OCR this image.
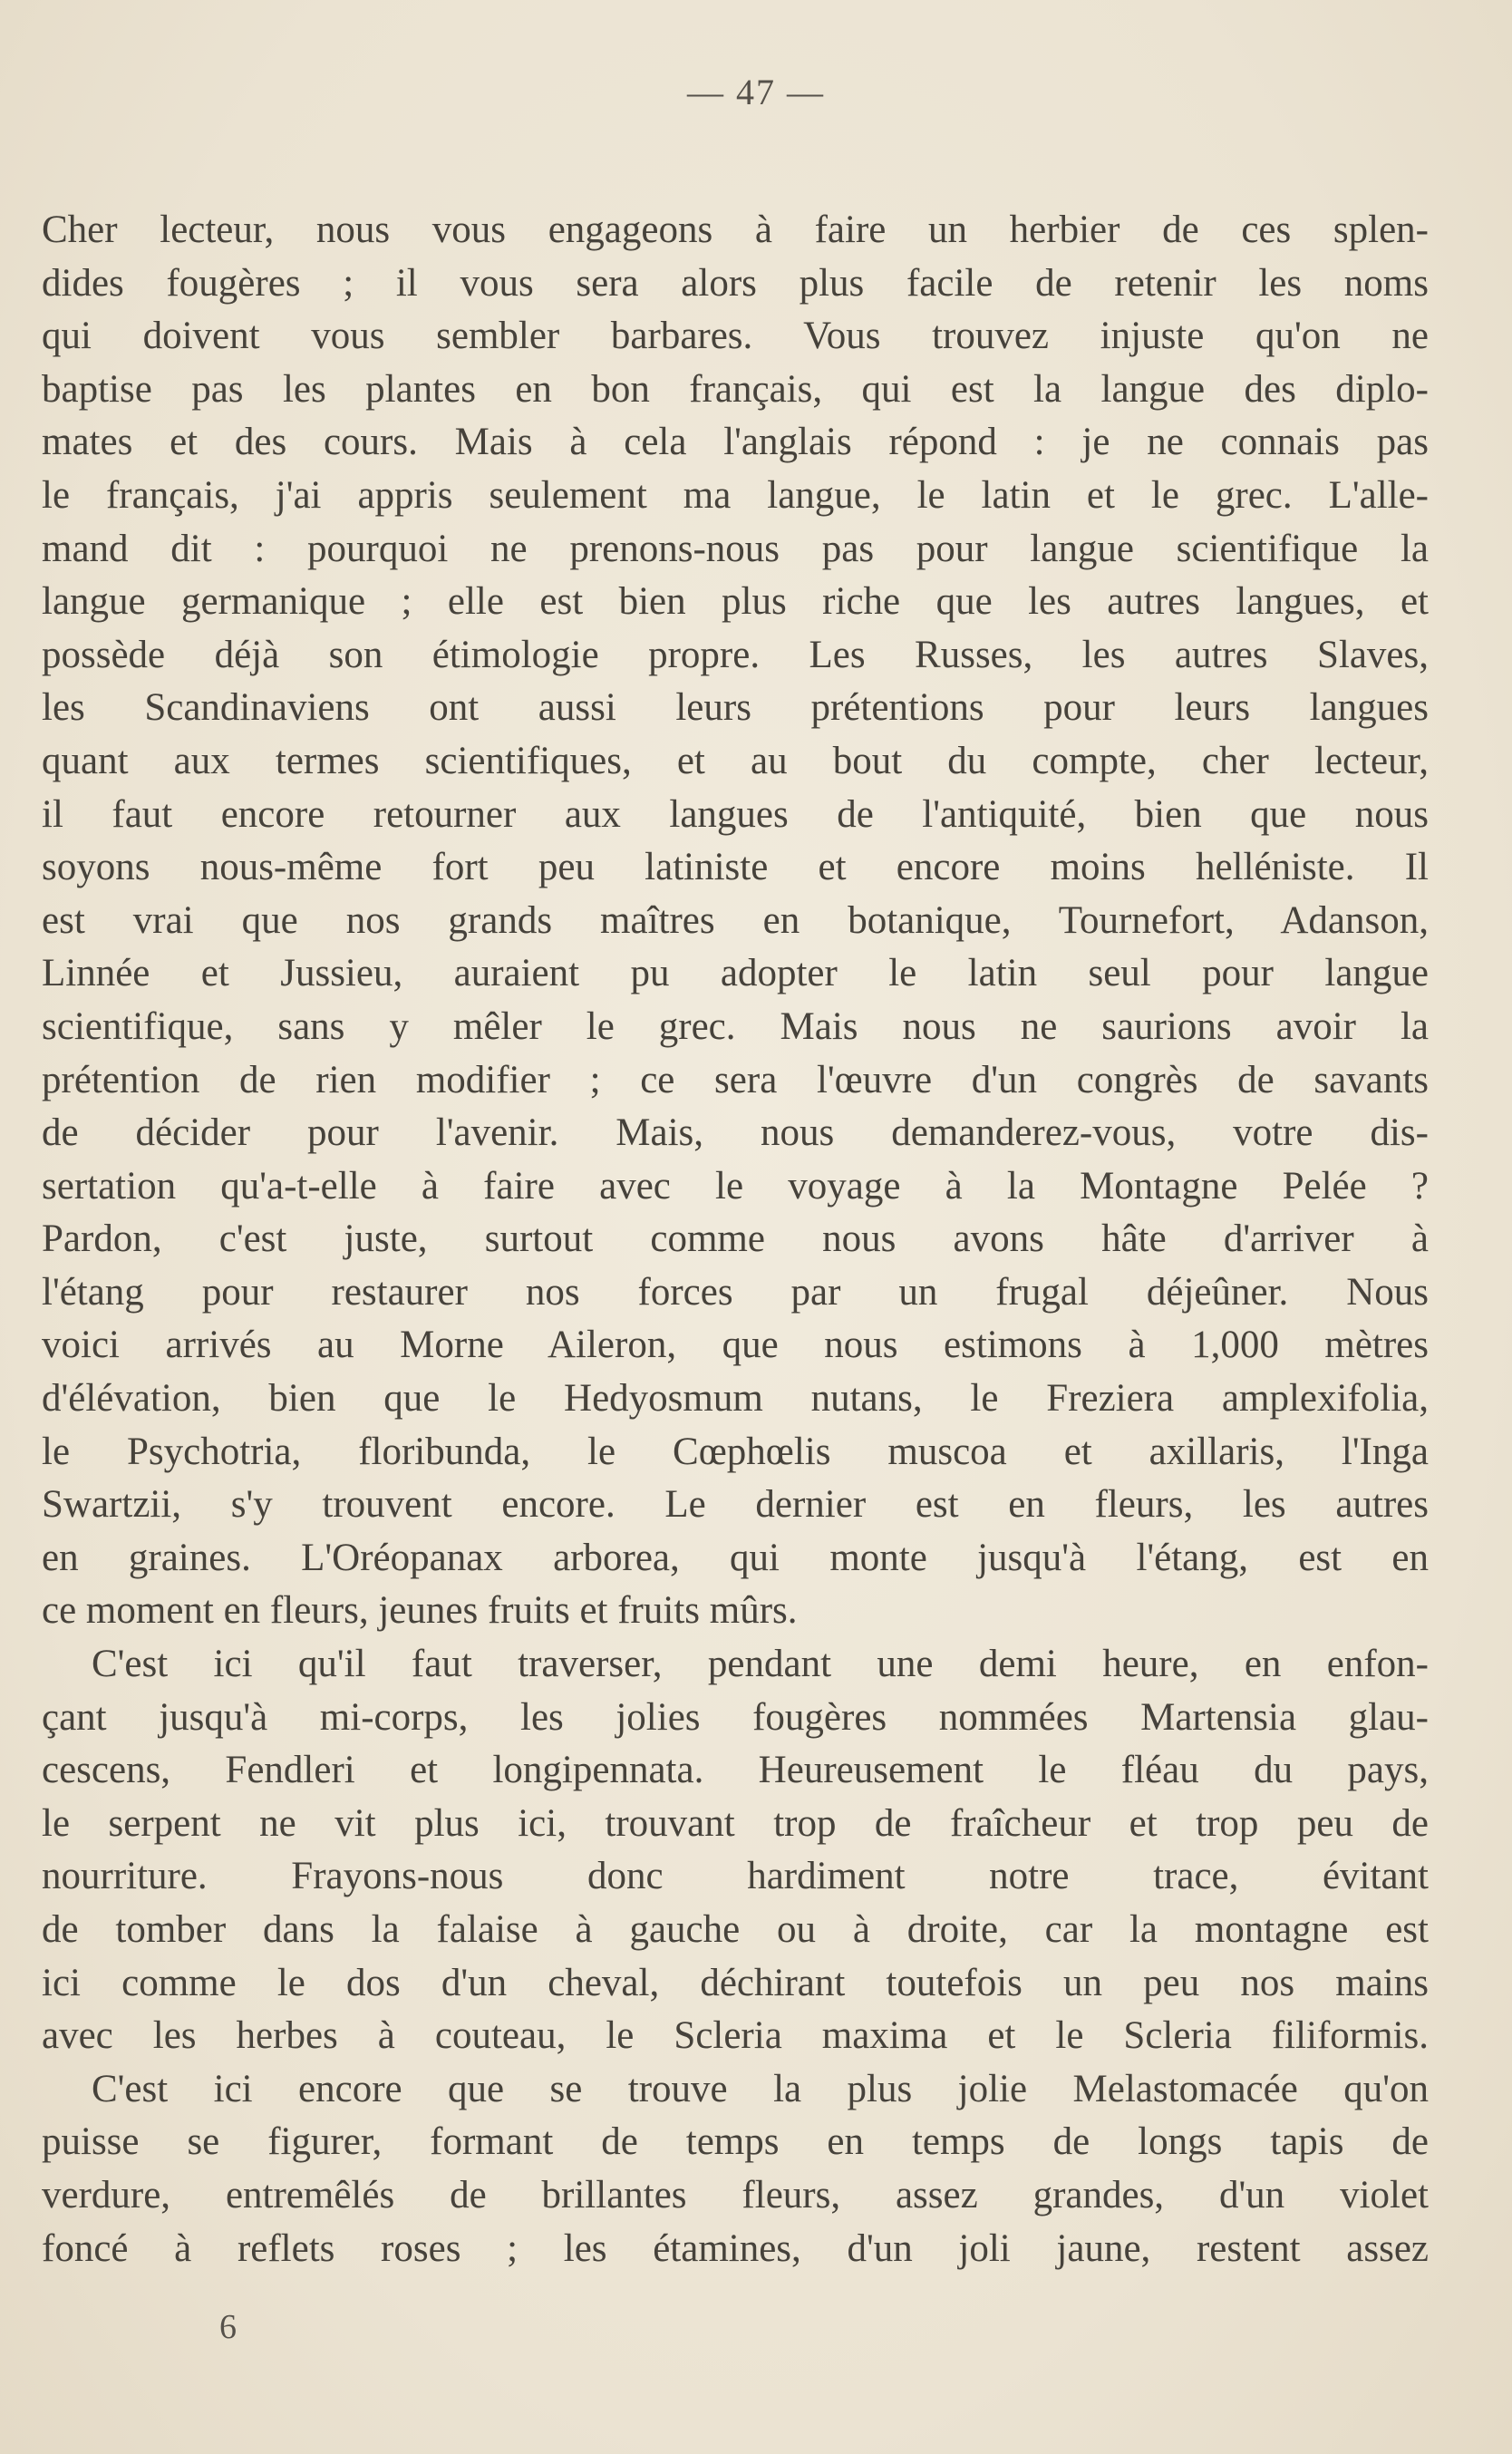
— 47 —
Cher lecteur, nous vous engageons à faire un herbier de ces splen-
dides fougères ; il vous sera alors plus facile de retenir les noms
qui doivent vous sembler barbares. Vous trouvez injuste qu'on ne
baptise pas les plantes en bon français, qui est la langue des diplo-
mates et des cours. Mais à cela l'anglais répond : je ne connais pas
le français, j'ai appris seulement ma langue, le latin et le grec. L'alle-
mand dit : pourquoi ne prenons-nous pas pour langue scientifique la
langue germanique ; elle est bien plus riche que les autres langues, et
possède déjà son étimologie propre. Les Russes, les autres Slaves,
les Scandinaviens ont aussi leurs prétentions pour leurs langues
quant aux termes scientifiques, et au bout du compte, cher lecteur,
il faut encore retourner aux langues de l'antiquité, bien que nous
soyons nous-même fort peu latiniste et encore moins helléniste. Il
est vrai que nos grands maîtres en botanique, Tournefort, Adanson,
Linnée et Jussieu, auraient pu adopter le latin seul pour langue
scientifique, sans y mêler le grec. Mais nous ne saurions avoir la
prétention de rien modifier ; ce sera l'œuvre d'un congrès de savants
de décider pour l'avenir. Mais, nous demanderez-vous, votre dis-
sertation qu'a-t-elle à faire avec le voyage à la Montagne Pelée ?
Pardon, c'est juste, surtout comme nous avons hâte d'arriver à
l'étang pour restaurer nos forces par un frugal déjeûner. Nous
voici arrivés au Morne Aileron, que nous estimons à 1,000 mètres
d'élévation, bien que le Hedyosmum nutans, le Freziera amplexifolia,
le Psychotria, floribunda, le Cœphœlis muscoa et axillaris, l'Inga
Swartzii, s'y trouvent encore. Le dernier est en fleurs, les autres
en graines. L'Oréopanax arborea, qui monte jusqu'à l'étang, est en
ce moment en fleurs, jeunes fruits et fruits mûrs.
C'est ici qu'il faut traverser, pendant une demi heure, en enfon-
çant jusqu'à mi-corps, les jolies fougères nommées Martensia glau-
cescens, Fendleri et longipennata. Heureusement le fléau du pays,
le serpent ne vit plus ici, trouvant trop de fraîcheur et trop peu de
nourriture. Frayons-nous donc hardiment notre trace, évitant
de tomber dans la falaise à gauche ou à droite, car la montagne est
ici comme le dos d'un cheval, déchirant toutefois un peu nos mains
avec les herbes à couteau, le Scleria maxima et le Scleria filiformis.
C'est ici encore que se trouve la plus jolie Melastomacée qu'on
puisse se figurer, formant de temps en temps de longs tapis de
verdure, entremêlés de brillantes fleurs, assez grandes, d'un violet
foncé à reflets roses ; les étamines, d'un joli jaune, restent assez
6
